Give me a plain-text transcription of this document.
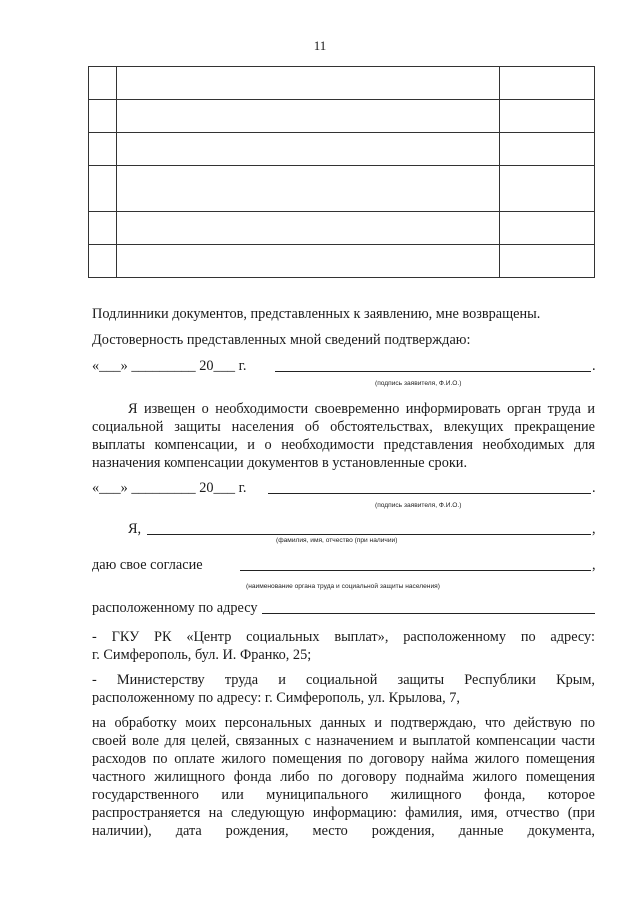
11

Подлинники документов, представленных к заявлению, мне возвращены.
Достоверность представленных мной сведений подтверждаю:
«___» _________ 20___ г.	.
(подпись заявителя, Ф.И.О.)
Я извещен о необходимости своевременно информировать орган труда и
социальной защиты населения об обстоятельствах, влекущих прекращение
выплаты компенсации, и о необходимости представления необходимых для
назначения компенсации документов в установленные сроки.
«___» _________ 20___ г.	.
(подпись заявителя, Ф.И.О.)
Я,	,
(фамилия, имя, отчество (при наличии)
даю свое согласие	,
(наименование органа труда и социальной защиты населения)
расположенному по адресу
- ГКУ РК «Центр социальных выплат», расположенному по адресу:
г. Симферополь, бул. И. Франко, 25;
- Министерству труда и социальной защиты Республики Крым,
расположенному по адресу: г. Симферополь, ул. Крылова, 7,
на обработку моих персональных данных и подтверждаю, что действую по
своей воле для целей, связанных с назначением и выплатой компенсации части
расходов по оплате жилого помещения по договору найма жилого помещения
частного жилищного фонда либо по договору поднайма жилого помещения
государственного или муниципального жилищного фонда, которое
распространяется на следующую информацию: фамилия, имя, отчество (при
наличии), дата рождения, место рождения, данные документа,
